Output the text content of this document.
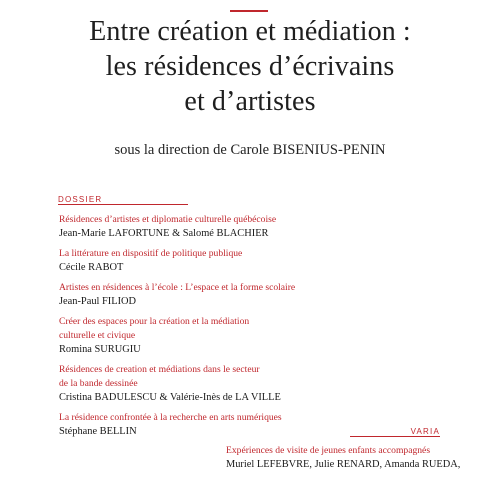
Entre création et médiation :
les résidences d’écrivains
et d’artistes
sous la direction de Carole BISENIUS-PENIN
DOSSIER
Résidences d’artistes et diplomatie culturelle québécoise
Jean-Marie LAFORTUNE & Salomé BLACHIER
La littérature en dispositif de politique publique
Cécile RABOT
Artistes en résidences à l’école : L’espace et la forme scolaire
Jean-Paul FILIOD
Créer des espaces pour la création et la médiation
culturelle et civique
Romina SURUGIU
Résidences de creation et médiations dans le secteur
de la bande dessinée
Cristina BADULESCU & Valérie-Inès de LA VILLE
La résidence confrontée à la recherche en arts numériques
Stéphane BELLIN	VARIA
Expériences de visite de jeunes enfants accompagnés
Muriel LEFEBVRE, Julie RENARD, Amanda RUEDA,
